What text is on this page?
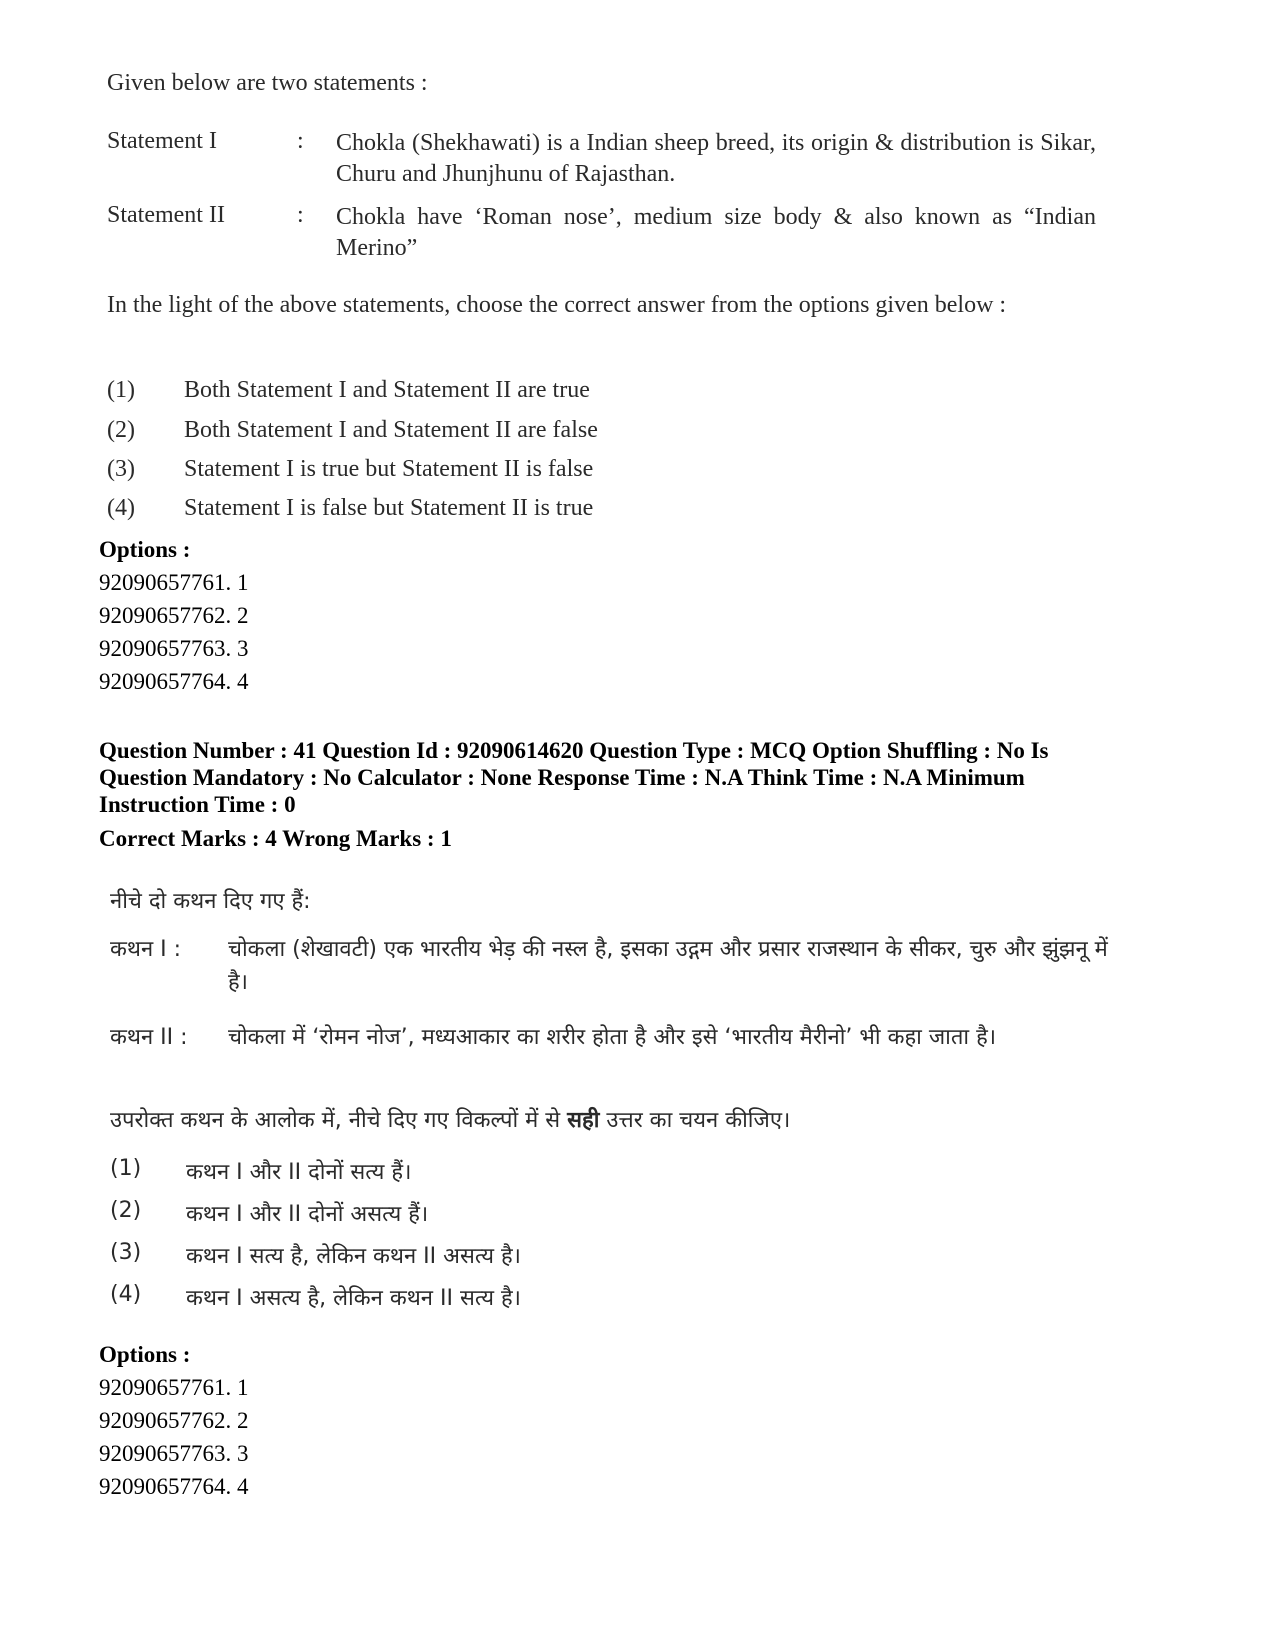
Given below are two statements :
Statement I	: Chokla (Shekhawati) is a Indian sheep breed, its origin & distribution is Sikar, Churu and Jhunjhunu of Rajasthan.
Statement II	: Chokla have ‘Roman nose’, medium size body & also known as “Indian Merino”
In the light of the above statements, choose the correct answer from the options given below :
(1) Both Statement I and Statement II are true
(2) Both Statement I and Statement II are false
(3) Statement I is true but Statement II is false
(4) Statement I is false but Statement II is true
Options :
92090657761. 1
92090657762. 2
92090657763. 3
92090657764. 4
Question Number : 41 Question Id : 92090614620 Question Type : MCQ Option Shuffling : No Is
Question Mandatory : No Calculator : None Response Time : N.A Think Time : N.A Minimum
Instruction Time : 0
Correct Marks : 4 Wrong Marks : 1
नीचे दो कथन दिए गए हैं:
कथन I : चोकला (शेखावटी) एक भारतीय भेड़ की नस्ल है, इसका उद्गम और प्रसार राजस्थान के सीकर, चुरु और झुंझनू में है।
कथन II : चोकला में ‘रोमन नोज’, मध्यआकार का शरीर होता है और इसे ‘भारतीय मैरीनो’ भी कहा जाता है।
उपरोक्त कथन के आलोक में, नीचे दिए गए विकल्पों में से सही उत्तर का चयन कीजिए।
(1) कथन I और II दोनों सत्य हैं।
(2) कथन I और II दोनों असत्य हैं।
(3) कथन I सत्य है, लेकिन कथन II असत्य है।
(4) कथन I असत्य है, लेकिन कथन II सत्य है।
Options :
92090657761. 1
92090657762. 2
92090657763. 3
92090657764. 4
